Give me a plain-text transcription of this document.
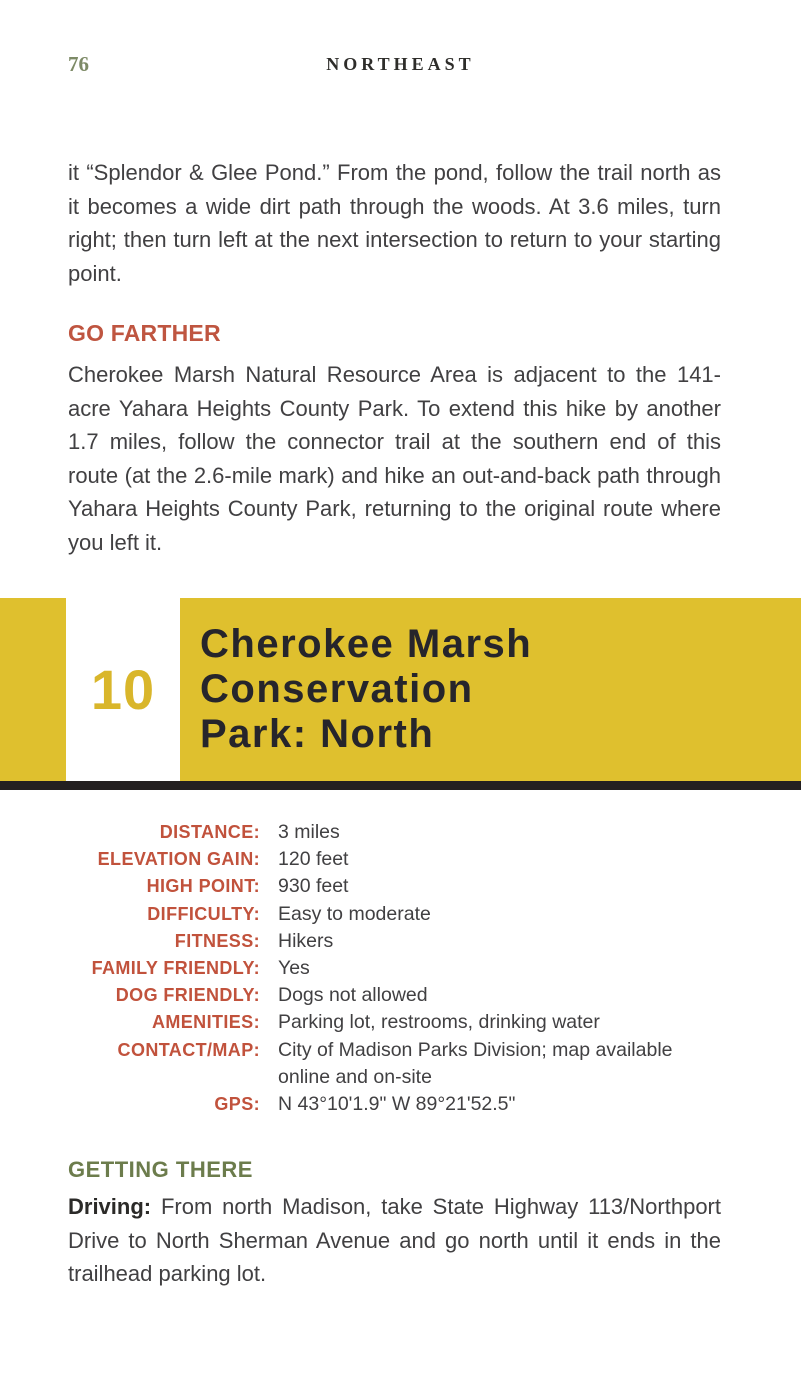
76	NORTHEAST

it “Splendor & Glee Pond.” From the pond, follow the trail north as it becomes a wide dirt path through the woods. At 3.6 miles, turn right; then turn left at the next intersection to return to your starting point.

GO FARTHER

Cherokee Marsh Natural Resource Area is adjacent to the 141-acre Yahara Heights County Park. To extend this hike by another 1.7 miles, follow the connector trail at the southern end of this route (at the 2.6-mile mark) and hike an out-and-back path through Yahara Heights County Park, returning to the original route where you left it.

10
Cherokee Marsh
Conservation
Park: North
DISTANCE: 3 miles
ELEVATION GAIN: 120 feet
HIGH POINT: 930 feet
DIFFICULTY: Easy to moderate
FITNESS: Hikers
FAMILY FRIENDLY: Yes
DOG FRIENDLY: Dogs not allowed
AMENITIES: Parking lot, restrooms, drinking water
CONTACT/MAP: City of Madison Parks Division; map available online and on-site
GPS: N 43°10'1.9" W 89°21'52.5"
GETTING THERE

Driving: From north Madison, take State Highway 113/Northport Drive to North Sherman Avenue and go north until it ends in the trailhead parking lot.
